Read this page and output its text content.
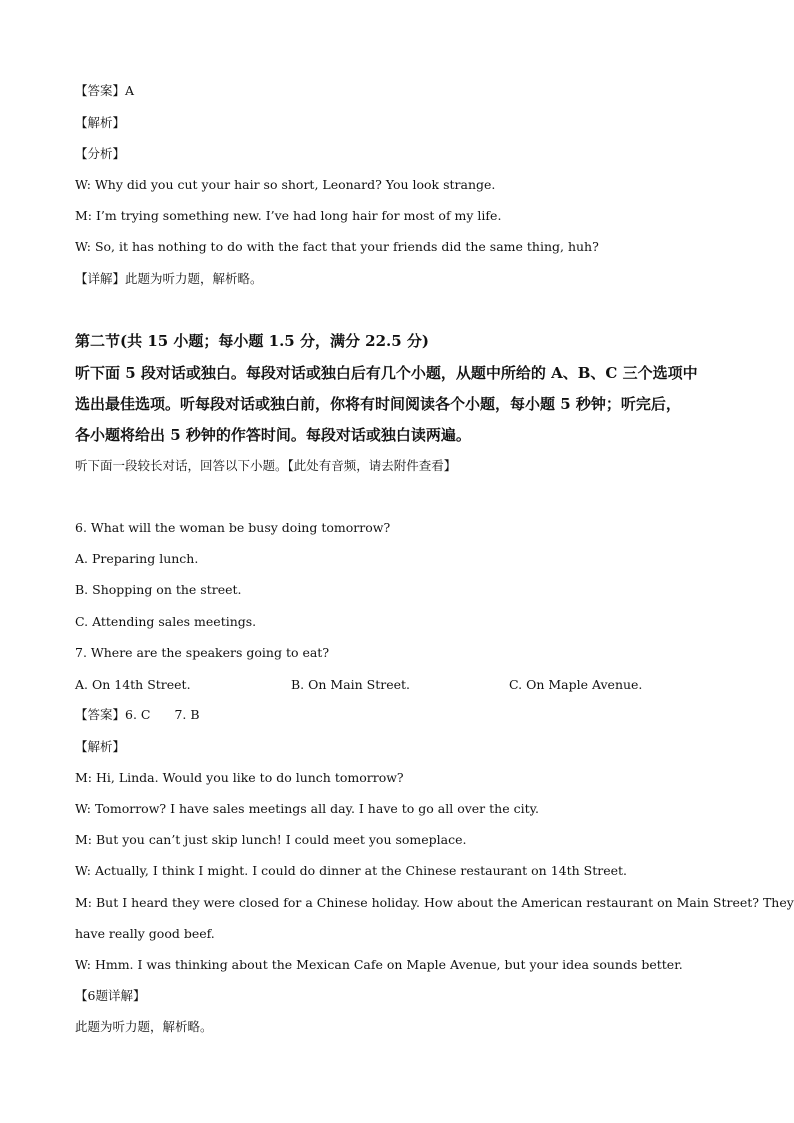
【答案】A
【解析】
【分析】
W: Why did you cut your hair so short, Leonard? You look strange.
M: I’m trying something new. I’ve had long hair for most of my life.
W: So, it has nothing to do with the fact that your friends did the same thing, huh?
【详解】此题为听力题，解析略。
第二节(共 15 小题；每小题 1.5 分，满分 22.5 分)
听下面 5 段对话或独白。每段对话或独白后有几个小题，从题中所给的 A、B、C 三个选项中
选出最佳选项。听每段对话或独白前，你将有时间阅读各个小题，每小题 5 秒钟；听完后，
各小题将给出 5 秒钟的作答时间。每段对话或独白读两遍。
听下面一段较长对话，回答以下小题。【此处有音频，请去附件查看】
6. What will the woman be busy doing tomorrow?
A. Preparing lunch.
B. Shopping on the street.
C. Attending sales meetings.
7. Where are the speakers going to eat?
A. On 14th Street.	B. On Main Street.	C. On Maple Avenue.
【答案】6. C 7. B
【解析】
M: Hi, Linda. Would you like to do lunch tomorrow?
W: Tomorrow? I have sales meetings all day. I have to go all over the city.
M: But you can’t just skip lunch! I could meet you someplace.
W: Actually, I think I might. I could do dinner at the Chinese restaurant on 14th Street.
M: But I heard they were closed for a Chinese holiday. How about the American restaurant on Main Street? They
have really good beef.
W: Hmm. I was thinking about the Mexican Cafe on Maple Avenue, but your idea sounds better.
【6题详解】
此题为听力题，解析略。
